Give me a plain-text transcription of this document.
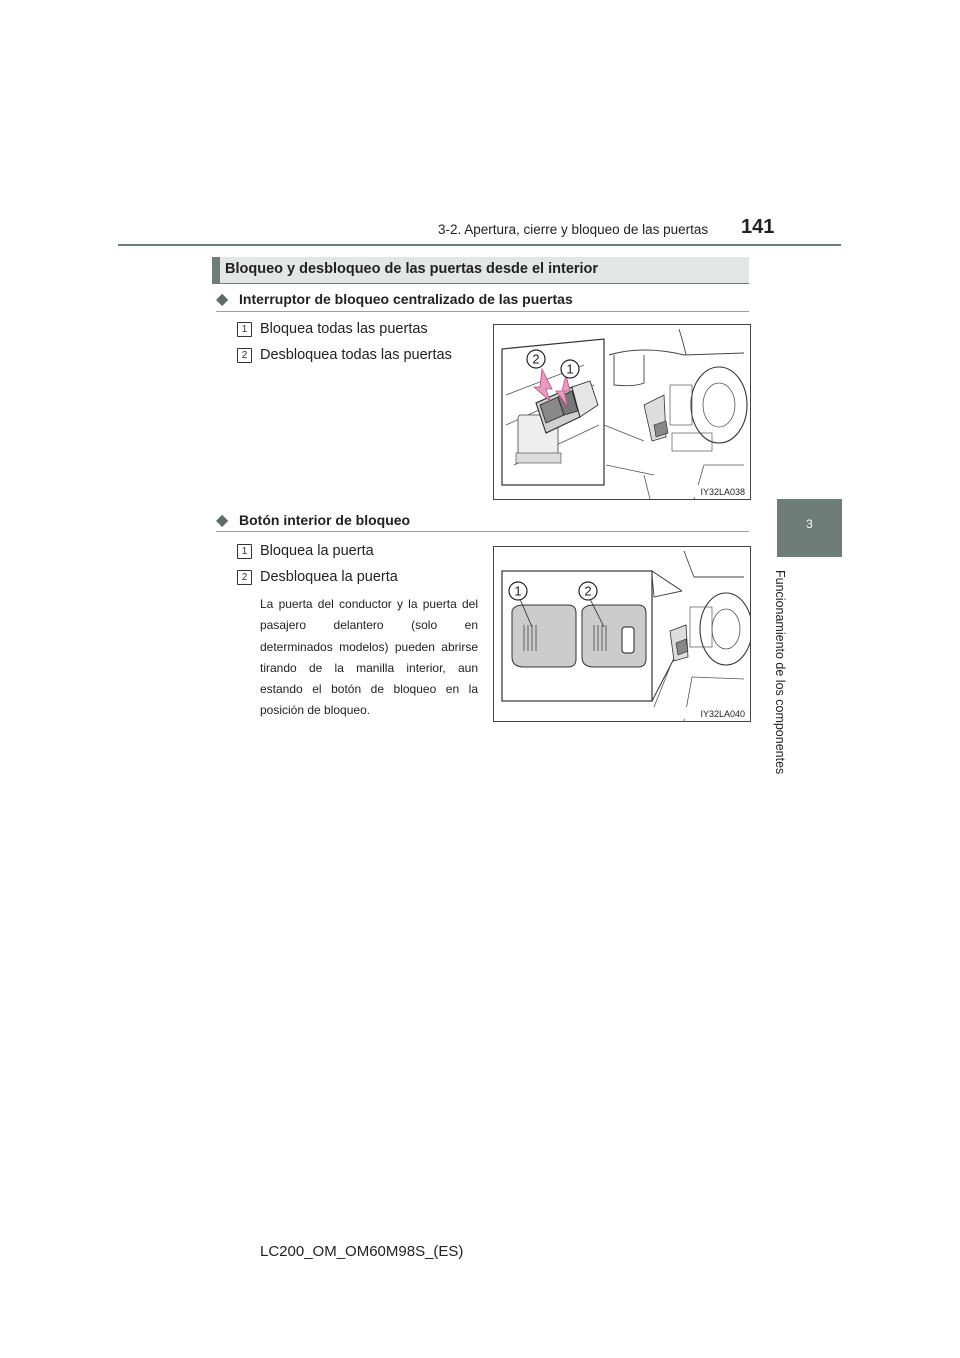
3-2. Apertura, cierre y bloqueo de las puertas 141
3
Funcionamiento de los componentes
Bloqueo y desbloqueo de las puertas desde el interior
◆ Interruptor de bloqueo centralizado de las puertas
1 Bloquea todas las puertas
2 Desbloquea todas las puertas	2
1
IY32LA038
◆ Botón interior de bloqueo
1 Bloquea la puerta
2 Desbloquea la puerta
La puerta del conductor y la puerta del pasajero delantero (solo en determinados modelos) pueden abrirse tirando de la manilla interior, aun estando el botón de bloqueo en la posición de bloqueo.
1	2
IY32LA040
LC200_OM_OM60M98S_(ES)
